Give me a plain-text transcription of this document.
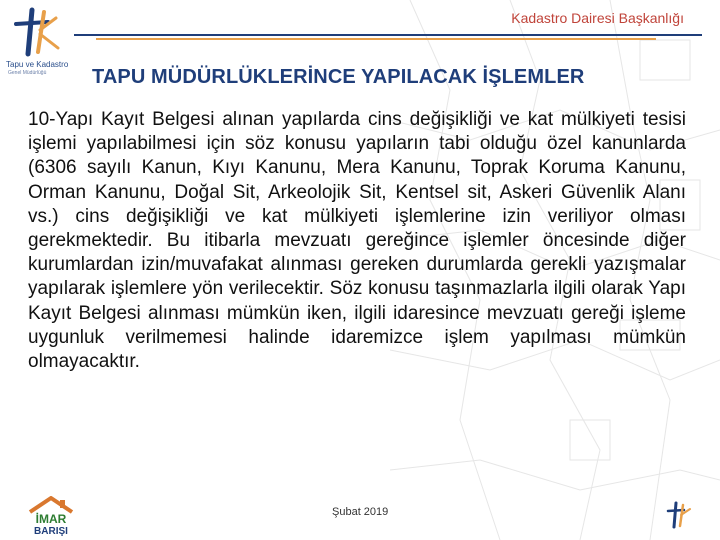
Tapu ve Kadastro
Genel Müdürlüğü
Kadastro Dairesi Başkanlığı
TAPU MÜDÜRLÜKLERİNCE YAPILACAK İŞLEMLER
10-Yapı Kayıt Belgesi alınan yapılarda cins değişikliği ve kat mülkiyeti tesisi işlemi yapılabilmesi için söz konusu yapıların tabi olduğu özel kanunlarda (6306 sayılı Kanun, Kıyı Kanunu, Mera Kanunu, Toprak Koruma Kanunu, Orman Kanunu, Doğal Sit, Arkeolojik Sit, Kentsel sit, Askeri Güvenlik Alanı vs.) cins değişikliği ve kat mülkiyeti işlemlerine izin veriliyor olması gerekmektedir. Bu itibarla mevzuatı gereğince işlemler öncesinde diğer kurumlardan izin/muvafakat alınması gereken durumlarda gerekli yazışmalar yapılarak işlemlere yön verilecektir. Söz konusu taşınmazlarla ilgili olarak Yapı Kayıt Belgesi alınması mümkün iken, ilgili idaresince mevzuatı gereği işleme uygunluk verilmemesi halinde idaremizce işlem yapılması mümkün olmayacaktır.
İMAR
BARIŞI
Şubat 2019
